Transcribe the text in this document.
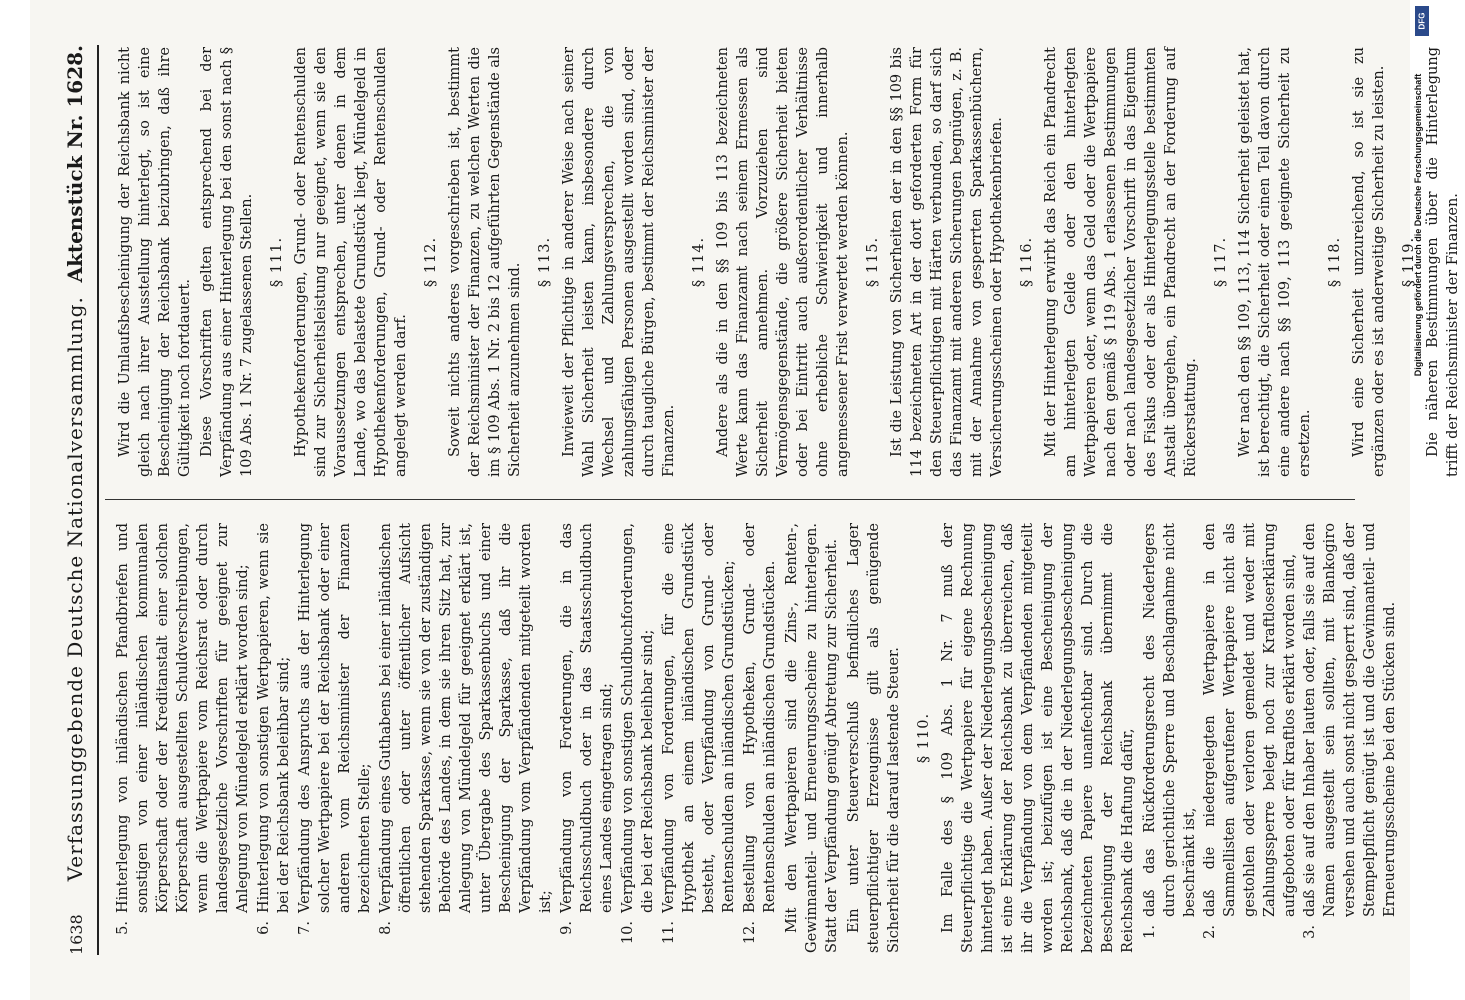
1638
Verfassunggebende Deutsche Nationalversammlung.
Aktenstück Nr. 1628.
5.
Hinterlegung von inländischen Pfandbriefen und sonstigen von einer inländischen kommunalen Körperschaft oder der Kreditanstalt einer solchen Körperschaft ausgestellten Schuldverschreibungen, wenn die Wertpapiere vom Reichsrat oder durch landesgesetzliche Vorschriften für geeignet zur Anlegung von Mündelgeld erklärt worden sind;
6.
Hinterlegung von sonstigen Wertpapieren, wenn sie bei der Reichsbank beleihbar sind;
7.
Verpfändung des Anspruchs aus der Hinterlegung solcher Wertpapiere bei der Reichsbank oder einer anderen vom Reichsminister der Finanzen bezeichneten Stelle;
8.
Verpfändung eines Guthabens bei einer inländischen öffentlichen oder unter öffentlicher Aufsicht stehenden Sparkasse, wenn sie von der zuständigen Behörde des Landes, in dem sie ihren Sitz hat, zur Anlegung von Mündelgeld für geeignet erklärt ist, unter Übergabe des Sparkassenbuchs und einer Bescheinigung der Sparkasse, daß ihr die Verpfändung vom Verpfändenden mitgeteilt worden ist;
9.
Verpfändung von Forderungen, die in das Reichsschuldbuch oder in das Staatsschuldbuch eines Landes eingetragen sind;
10.
Verpfändung von sonstigen Schuldbuchforderungen, die bei der Reichsbank beleihbar sind;
11.
Verpfändung von Forderungen, für die eine Hypothek an einem inländischen Grundstück besteht, oder Verpfändung von Grund- oder Rentenschulden an inländischen Grundstücken;
12.
Bestellung von Hypotheken, Grund- oder Rentenschulden an inländischen Grundstücken. Mit den Wertpapieren sind die Zins-, Renten-, Gewinnanteil- und Erneuerungsscheine zu hinterlegen. Statt der Verpfändung genügt Abtretung zur Sicherheit. Ein unter Steuerverschluß befindliches Lager steuerpflichtiger Erzeugnisse gilt als genügende Sicherheit für die darauf lastende Steuer. § 110. Im Falle des § 109 Abs. 1 Nr. 7 muß der Steuerpflichtige die Wertpapiere für eigene Rechnung hinterlegt haben. Außer der Niederlegungsbescheinigung ist eine Erklärung der Reichsbank zu überreichen, daß ihr die Verpfändung von dem Verpfändenden mitgeteilt worden ist; beizufügen ist eine Bescheinigung der Reichsbank, daß die in der Niederlegungsbescheinigung bezeichneten Papiere unanfechtbar sind. Durch die Bescheinigung der Reichsbank übernimmt die Reichsbank die Haftung dafür, 1.
daß das Rückforderungsrecht des Niederlegers durch gerichtliche Sperre und Beschlagnahme nicht beschränkt ist,
2.
daß die niedergelegten Wertpapiere in den Sammellisten aufgerufener Wertpapiere nicht als gestohlen oder verloren gemeldet und weder mit Zahlungssperre belegt noch zur Kraftloserklärung aufgeboten oder für kraftlos erklärt worden sind,
3.
daß sie auf den Inhaber lauten oder, falls sie auf den Namen ausgestellt sein sollten, mit Blankogiro versehen und auch sonst nicht gesperrt sind, daß der Stempelpflicht genügt ist und die Gewinnanteil- und Erneuerungsscheine bei den Stücken sind.

Wird die Umlaufsbescheinigung der Reichsbank nicht gleich nach ihrer Ausstellung hinterlegt, so ist eine Bescheinigung der Reichsbank beizubringen, daß ihre Gültigkeit noch fortdauert. Diese Vorschriften gelten entsprechend bei der Verpfändung aus einer Hinterlegung bei den sonst nach § 109 Abs. 1 Nr. 7 zugelassenen Stellen. § 111. Hypothekenforderungen, Grund- oder Rentenschulden sind zur Sicherheitsleistung nur geeignet, wenn sie den Voraussetzungen entsprechen, unter denen in dem Lande, wo das belastete Grundstück liegt, Mündelgeld in Hypothekenforderungen, Grund- oder Rentenschulden angelegt werden darf.

§ 112. Soweit nichts anderes vorgeschrieben ist, bestimmt der Reichsminister der Finanzen, zu welchen Werten die im § 109 Abs. 1 Nr. 2 bis 12 aufgeführten Gegenstände als Sicherheit anzunehmen sind.

§ 113. Inwieweit der Pflichtige in anderer Weise nach seiner Wahl Sicherheit leisten kann, insbesondere durch Wechsel und Zahlungsversprechen, die von zahlungsfähigen Personen ausgestellt worden sind, oder durch taugliche Bürgen, bestimmt der Reichsminister der Finanzen.

§ 114. Andere als die in den §§ 109 bis 113 bezeichneten Werte kann das Finanzamt nach seinem Ermessen als Sicherheit annehmen. Vorzuziehen sind Vermögensgegenstände, die größere Sicherheit bieten oder bei Eintritt auch außerordentlicher Verhältnisse ohne erhebliche Schwierigkeit und innerhalb angemessener Frist verwertet werden können. § 115. Ist die Leistung von Sicherheiten der in den §§ 109 bis 114 bezeichneten Art in der dort geforderten Form für den Steuerpflichtigen mit Härten verbunden, so darf sich das Finanzamt mit anderen Sicherungen begnügen, z. B. mit der Annahme von gesperrten Sparkassenbüchern, Versicherungsscheinen oder Hypothekenbriefen. § 116. Mit der Hinterlegung erwirbt das Reich ein Pfandrecht am hinterlegten Gelde oder den hinterlegten Wertpapieren oder, wenn das Geld oder die Wertpapiere nach den gemäß § 119 Abs. 1 erlassenen Bestimmungen oder nach landesgesetzlicher Vorschrift in das Eigentum des Fiskus oder der als Hinterlegungsstelle bestimmten Anstalt übergehen, ein Pfandrecht an der Forderung auf Rückerstattung.

§ 117. Wer nach den §§ 109, 113, 114 Sicherheit geleistet hat, ist berechtigt, die Sicherheit oder einen Teil davon durch eine andere nach §§ 109, 113 geeignete Sicherheit zu ersetzen.

§ 118. Wird eine Sicherheit unzureichend, so ist sie zu ergänzen oder es ist anderweitige Sicherheit zu leisten. § 119. Die näheren Bestimmungen über die Hinterlegung trifft der Reichsminister der Finanzen.

DFG
Digitalisierung gefördert durch die Deutsche Forschungsgemeinschaft
